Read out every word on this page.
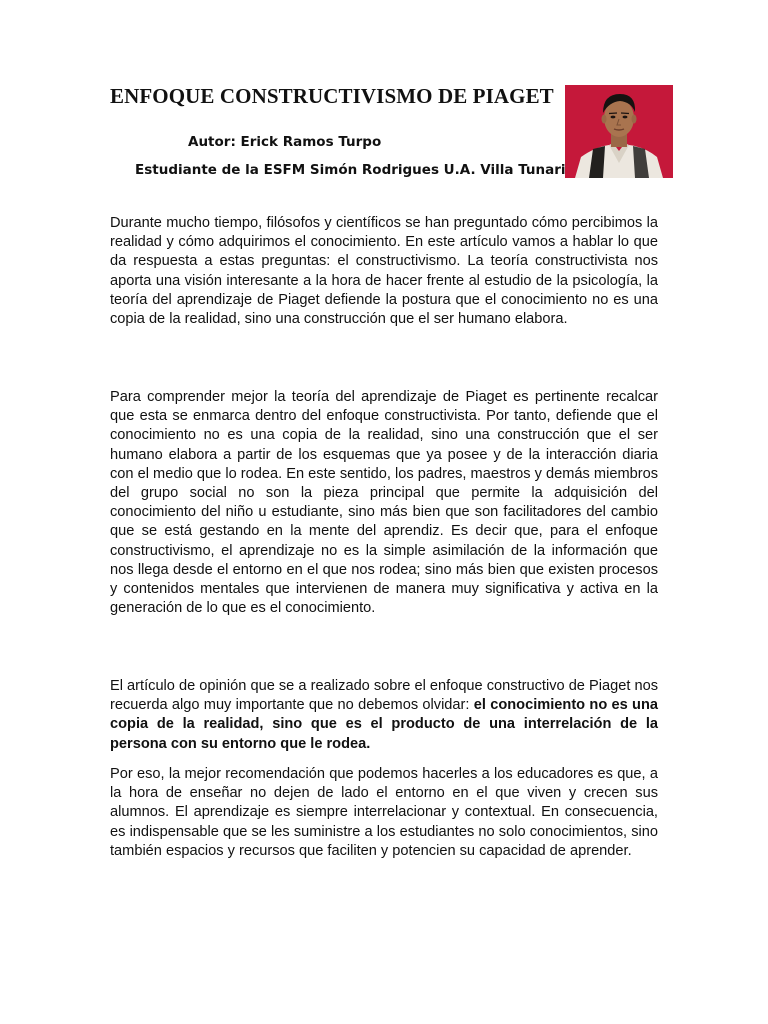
ENFOQUE CONSTRUCTIVISMO DE PIAGET

Autor: Erick Ramos Turpo

Estudiante de la ESFM Simón Rodrigues U.A. Villa Tunari

Durante mucho tiempo, filósofos y científicos se han preguntado cómo percibimos la realidad y cómo adquirimos el conocimiento. En este artículo vamos a hablar lo que da respuesta a estas preguntas: el constructivismo. La teoría constructivista nos aporta una visión interesante a la hora de hacer frente al estudio de la psicología, la teoría del aprendizaje de Piaget defiende la postura que el conocimiento no es una copia de la realidad, sino una construcción que el ser humano elabora.

Para comprender mejor la teoría del aprendizaje de Piaget es pertinente recalcar que esta se enmarca dentro del enfoque constructivista. Por tanto, defiende que el conocimiento no es una copia de la realidad, sino una construcción que el ser humano elabora a partir de los esquemas que ya posee y de la interacción diaria con el medio que lo rodea. En este sentido, los padres, maestros y demás miembros del grupo social no son la pieza principal que permite la adquisición del conocimiento del niño u estudiante, sino más bien que son facilitadores del cambio que se está gestando en la mente del aprendiz. Es decir que, para el enfoque constructivismo, el aprendizaje no es la simple asimilación de la información que nos llega desde el entorno en el que nos rodea; sino más bien que existen procesos y contenidos mentales que intervienen de manera muy significativa y activa en la generación de lo que es el conocimiento.

El artículo de opinión que se a realizado sobre el enfoque constructivo de Piaget nos recuerda algo muy importante que no debemos olvidar: el conocimiento no es una copia de la realidad, sino que es el producto de una interrelación de la persona con su entorno que le rodea.

Por eso, la mejor recomendación que podemos hacerles a los educadores es que, a la hora de enseñar no dejen de lado el entorno en el que viven y crecen sus alumnos. El aprendizaje es siempre interrelacionar y contextual. En consecuencia, es indispensable que se les suministre a los estudiantes no solo conocimientos, sino también espacios y recursos que faciliten y potencien su capacidad de aprender.
